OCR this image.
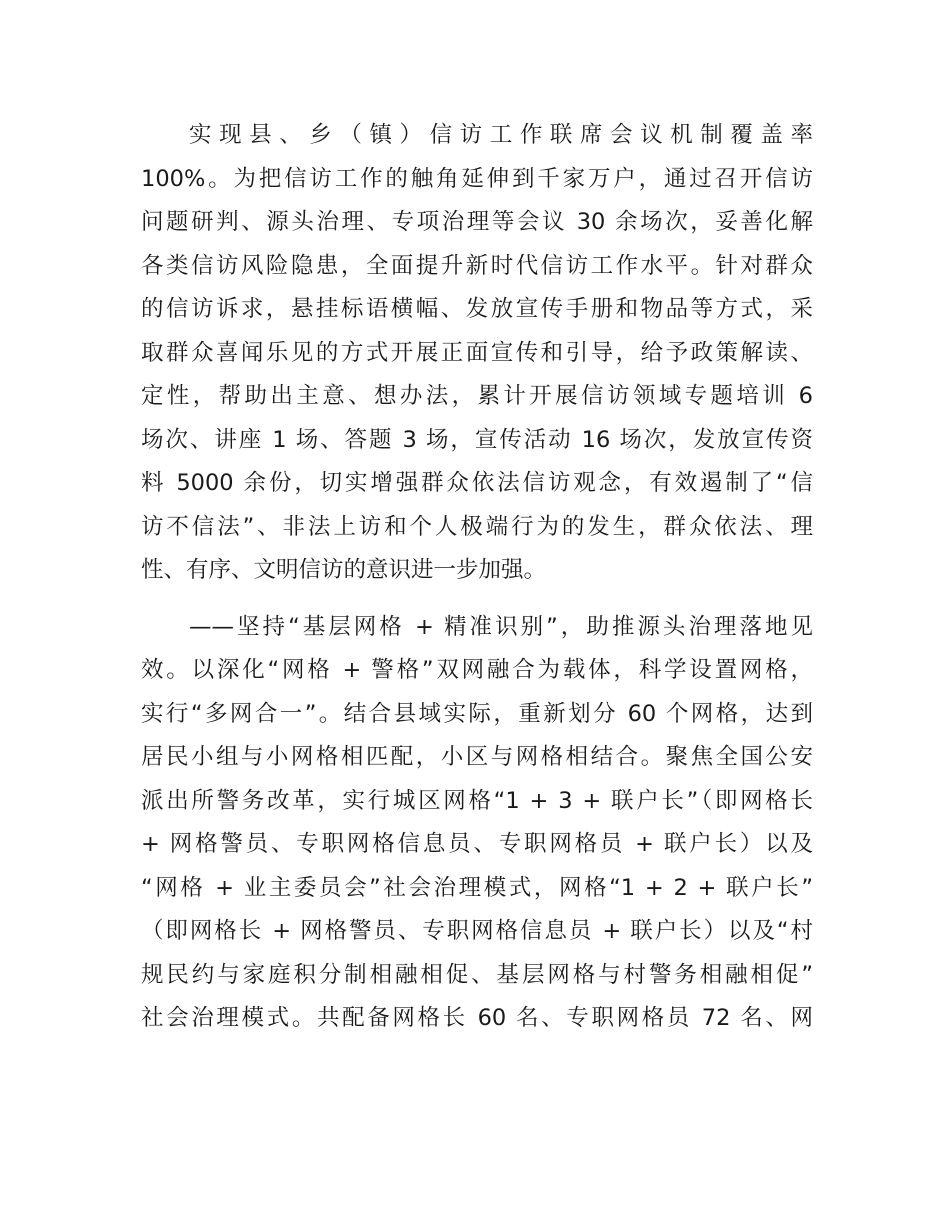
实现县、乡（镇）信访工作联席会议机制覆盖率
100%。为把信访工作的触角延伸到千家万户，通过召开信访
问题研判、源头治理、专项治理等会议 30 余场次，妥善化解
各类信访风险隐患，全面提升新时代信访工作水平。针对群众
的信访诉求，悬挂标语横幅、发放宣传手册和物品等方式，采
取群众喜闻乐见的方式开展正面宣传和引导，给予政策解读、
定性，帮助出主意、想办法，累计开展信访领域专题培训 6
场次、讲座 1 场、答题 3 场，宣传活动 16 场次，发放宣传资
料 5000 余份，切实增强群众依法信访观念，有效遏制了“信
访不信法”、非法上访和个人极端行为的发生，群众依法、理
性、有序、文明信访的意识进一步加强。
——坚持“基层网格 + 精准识别”，助推源头治理落地见
效。以深化“网格 + 警格”双网融合为载体，科学设置网格，
实行“多网合一”。结合县域实际，重新划分 60 个网格，达到
居民小组与小网格相匹配，小区与网格相结合。聚焦全国公安
派出所警务改革，实行城区网格“1 + 3 + 联户长”（即网格长
+ 网格警员、专职网格信息员、专职网格员 + 联户长）以及
“网格 + 业主委员会”社会治理模式，网格“1 + 2 + 联户长”
（即网格长 + 网格警员、专职网格信息员 + 联户长）以及“村
规民约与家庭积分制相融相促、基层网格与村警务相融相促”
社会治理模式。共配备网格长 60 名、专职网格员 72 名、网
